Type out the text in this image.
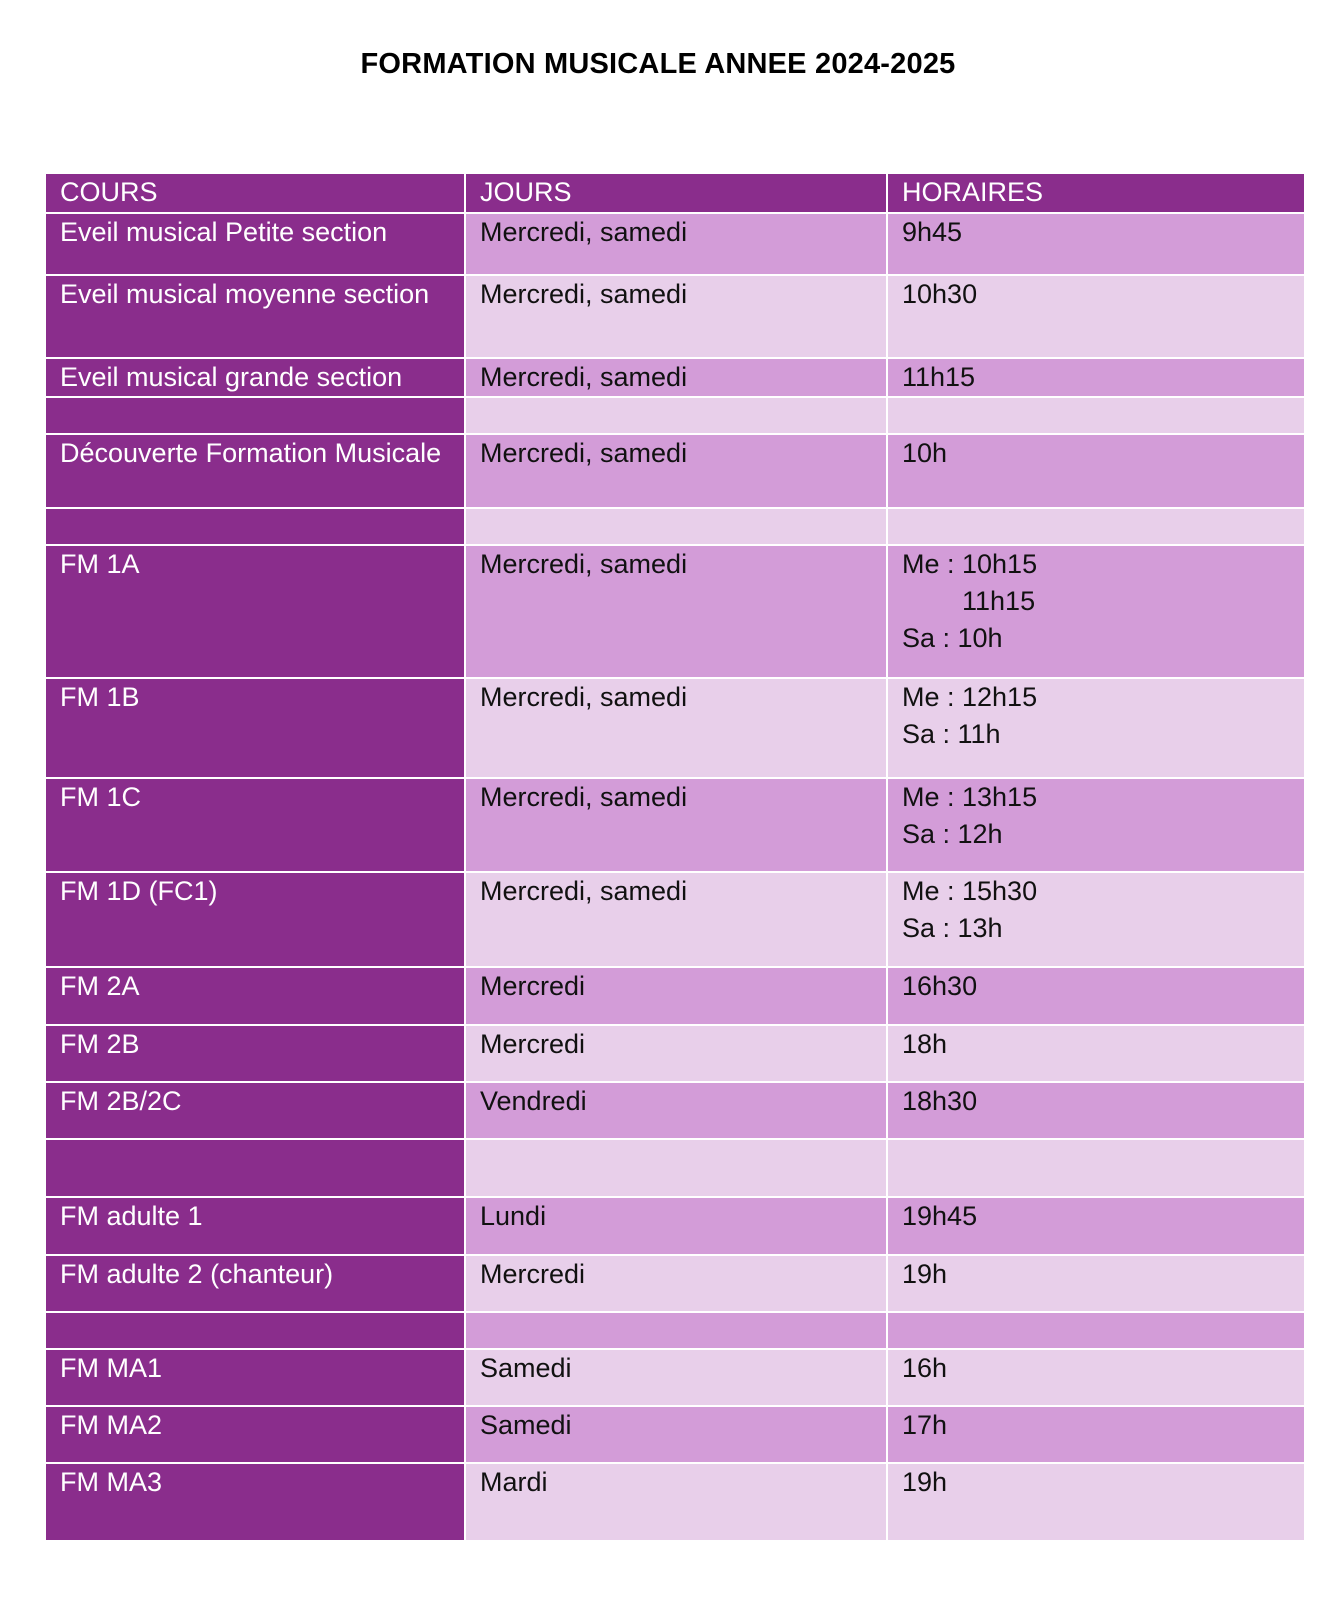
FORMATION MUSICALE ANNEE 2024-2025
COURS	JOURS	HORAIRES
Eveil musical Petite section	Mercredi, samedi	9h45

Eveil musical moyenne section	Mercredi, samedi	10h30

Eveil musical grande section	Mercredi, samedi	11h15

Découverte Formation Musicale	Mercredi, samedi	10h

FM 1A	Mercredi, samedi	Me : 10h15
11h15
Sa : 10h

FM 1B	Mercredi, samedi	Me : 12h15
Sa : 11h

FM 1C	Mercredi, samedi	Me : 13h15
Sa : 12h

FM 1D (FC1)	Mercredi, samedi	Me : 15h30
Sa : 13h

FM 2A	Mercredi	16h30

FM 2B	Mercredi	18h

FM 2B/2C	Vendredi	18h30

FM adulte 1	Lundi	19h45

FM adulte 2 (chanteur)	Mercredi	19h

FM MA1	Samedi	16h

FM MA2	Samedi	17h

FM MA3	Mardi	19h
